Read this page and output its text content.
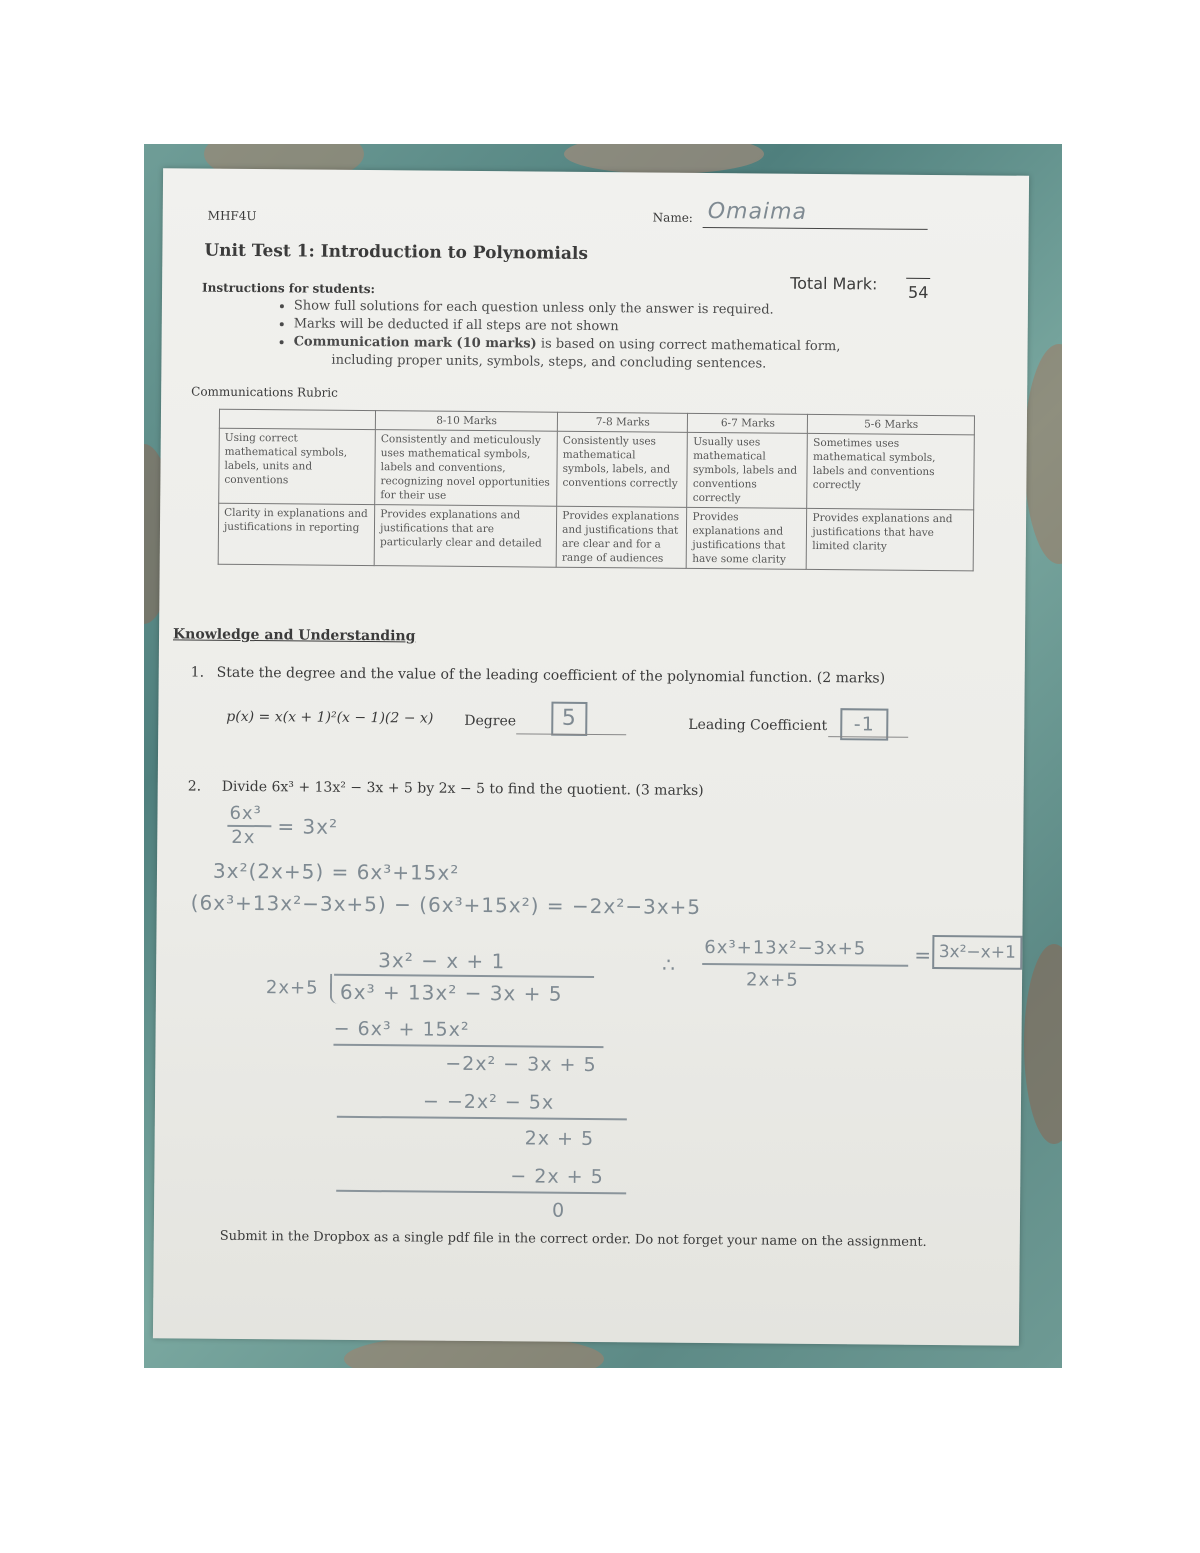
MHF4U	Name: Omaima
Unit Test 1: Introduction to Polynomials
Total Mark: 54
Instructions for students:
• Show full solutions for each question unless only the answer is required.
• Marks will be deducted if all steps are not shown
• Communication mark (10 marks) is based on using correct mathematical form,
including proper units, symbols, steps, and concluding sentences.
Communications Rubric
	8-10 Marks	7-8 Marks	6-7 Marks	5-6 Marks
Using correct mathematical symbols, labels, units and conventions	Consistently and meticulously uses mathematical symbols, labels and conventions, recognizing novel opportunities for their use	Consistently uses mathematical symbols, labels, and conventions correctly	Usually uses mathematical symbols, labels and conventions correctly	Sometimes uses mathematical symbols, labels and conventions correctly
Clarity in explanations and justifications in reporting	Provides explanations and justifications that are particularly clear and detailed	Provides explanations and justifications that are clear and for a range of audiences	Provides explanations and justifications that have some clarity	Provides explanations and justifications that have limited clarity
Knowledge and Understanding
1. State the degree and the value of the leading coefficient of the polynomial function. (2 marks)
p(x) = x(x + 1)²(x − 1)(2 − x) Degree	5	Leading Coefficient	-1
2. Divide 6x³ + 13x² − 3x + 5 by 2x − 5 to find the quotient. (3 marks)
6x³
2x = 3x²
3x²(2x+5) = 6x³+15x²
(6x³+13x²−3x+5) − (6x³+15x²) = −2x²−3x+5
3x² − x + 1
2x+5 6x³ + 13x² − 3x + 5
− 6x³ + 15x²
−2x² − 3x + 5
− −2x² − 5x
2x + 5
− 2x + 5
0
∴
6x³+13x²−3x+5
2x+5
= 3x²−x+1
Submit in the Dropbox as a single pdf file in the correct order. Do not forget your name on the assignment.
